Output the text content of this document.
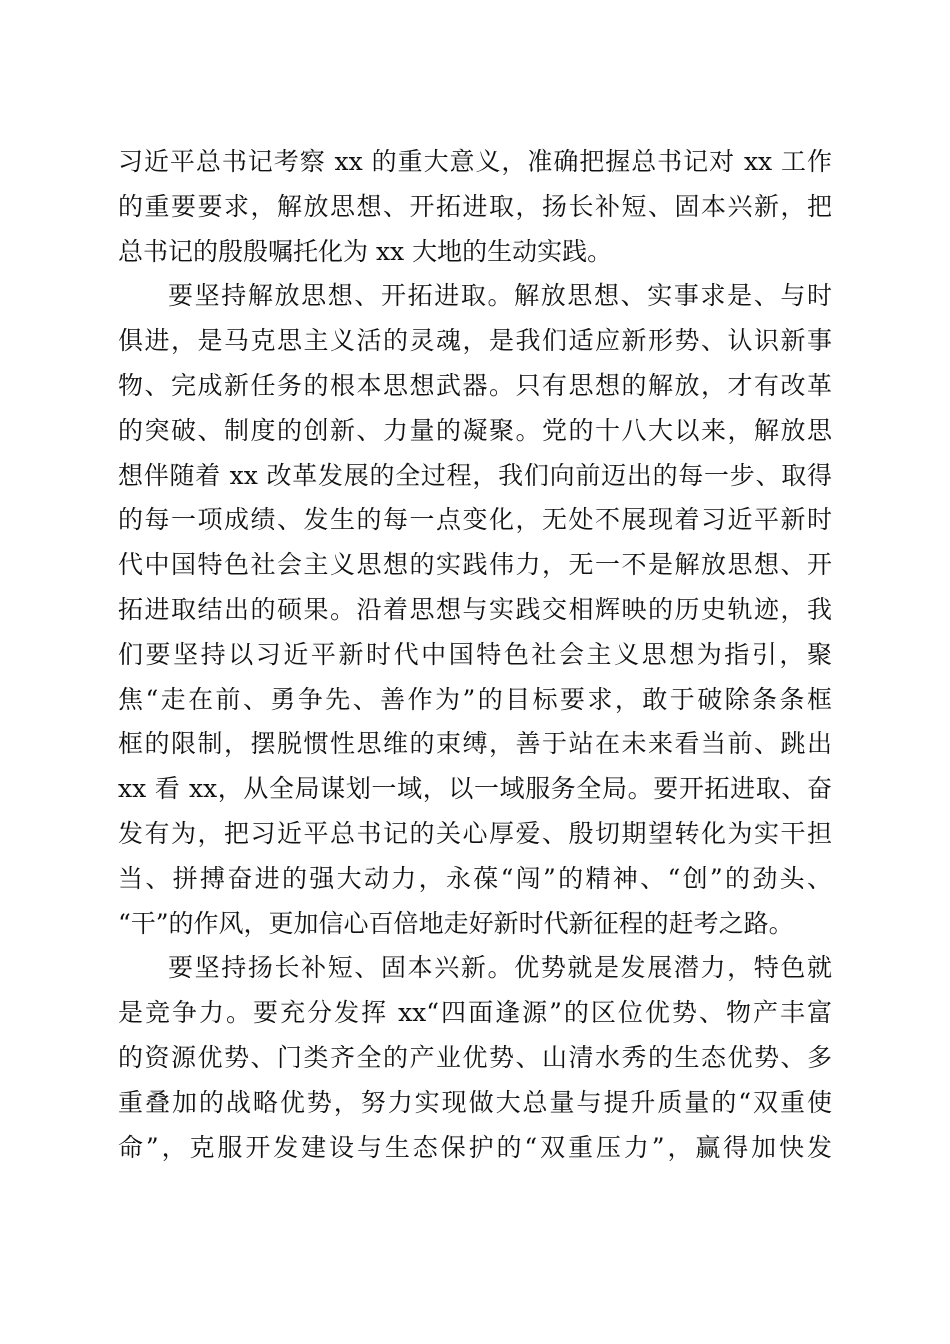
习近平总书记考察 xx 的重大意义，准确把握总书记对 xx 工作
的重要要求，解放思想、开拓进取，扬长补短、固本兴新，把
总书记的殷殷嘱托化为 xx 大地的生动实践。
要坚持解放思想、开拓进取。解放思想、实事求是、与时
俱进，是马克思主义活的灵魂，是我们适应新形势、认识新事
物、完成新任务的根本思想武器。只有思想的解放，才有改革
的突破、制度的创新、力量的凝聚。党的十八大以来，解放思
想伴随着 xx 改革发展的全过程，我们向前迈出的每一步、取得
的每一项成绩、发生的每一点变化，无处不展现着习近平新时
代中国特色社会主义思想的实践伟力，无一不是解放思想、开
拓进取结出的硕果。沿着思想与实践交相辉映的历史轨迹，我
们要坚持以习近平新时代中国特色社会主义思想为指引，聚
焦“走在前、勇争先、善作为”的目标要求，敢于破除条条框
框的限制，摆脱惯性思维的束缚，善于站在未来看当前、跳出
xx 看 xx，从全局谋划一域，以一域服务全局。要开拓进取、奋
发有为，把习近平总书记的关心厚爱、殷切期望转化为实干担
当、拼搏奋进的强大动力，永葆“闯”的精神、“创”的劲头、
“干”的作风，更加信心百倍地走好新时代新征程的赶考之路。
要坚持扬长补短、固本兴新。优势就是发展潜力，特色就
是竞争力。要充分发挥 xx“四面逢源”的区位优势、物产丰富
的资源优势、门类齐全的产业优势、山清水秀的生态优势、多
重叠加的战略优势，努力实现做大总量与提升质量的“双重使
命”，克服开发建设与生态保护的“双重压力”，赢得加快发
